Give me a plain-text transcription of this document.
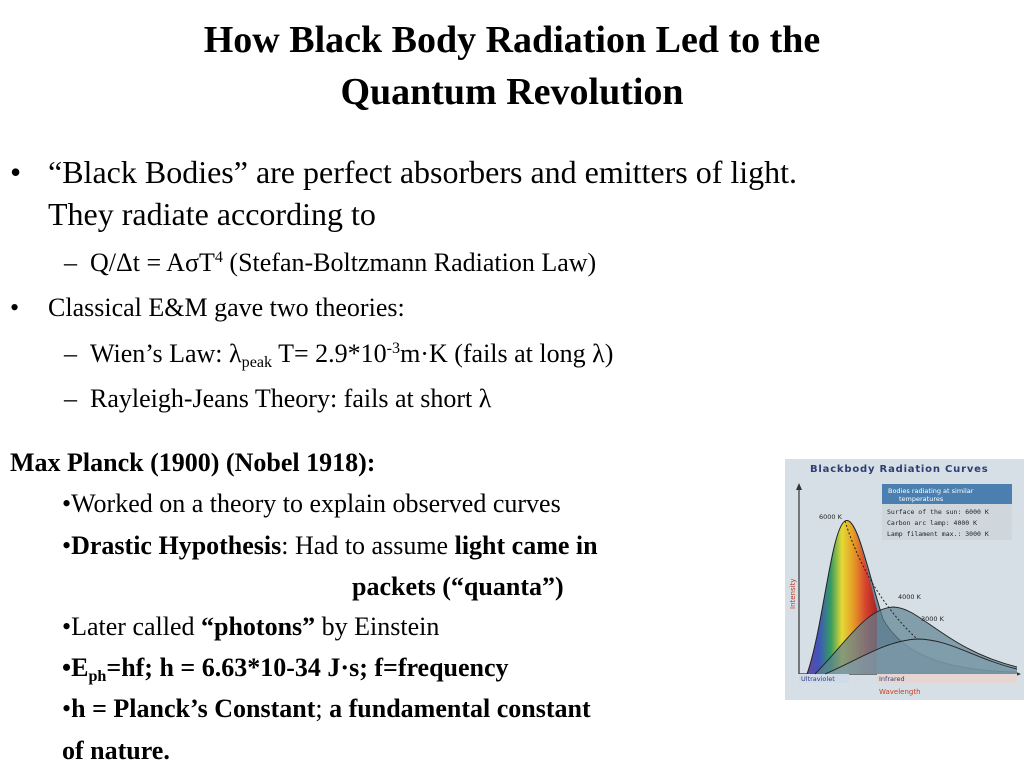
How Black Body Radiation Led to the
Quantum Revolution
• “Black Bodies” are perfect absorbers and emitters of light.
They radiate according to
–  Q/Δt = AσT$^4$ (Stefan-Boltzmann Radiation Law)
• Classical E&M gave two theories:
–  Wien’s Law: $\lambda_{peak}$ $T= 2.9*10^{-3}m\cdot K$ (fails at long λ)
–  Rayleigh-Jeans Theory: fails at short λ
Max Planck (1900) (Nobel 1918):
•Worked on a theory to explain observed curves
•Drastic Hypothesis: Had to assume light came in
packets (“quanta”)
•Later called “photons” by Einstein
$•E_{ph}=hf$; h = 6.63*10-34 J·s; f=frequency
•h = Planck’s Constant; a fundamental constant
of nature.
Blackbody Radiation Curves
Intensity
Ultraviolet	Infrared
Wavelength
6000 K
4000 K
3000 K
Bodies radiating at similar
temperatures
Surface of the sun: 6000 K
Carbon arc lamp: 4000 K
Lamp filament max.: 3000 K
